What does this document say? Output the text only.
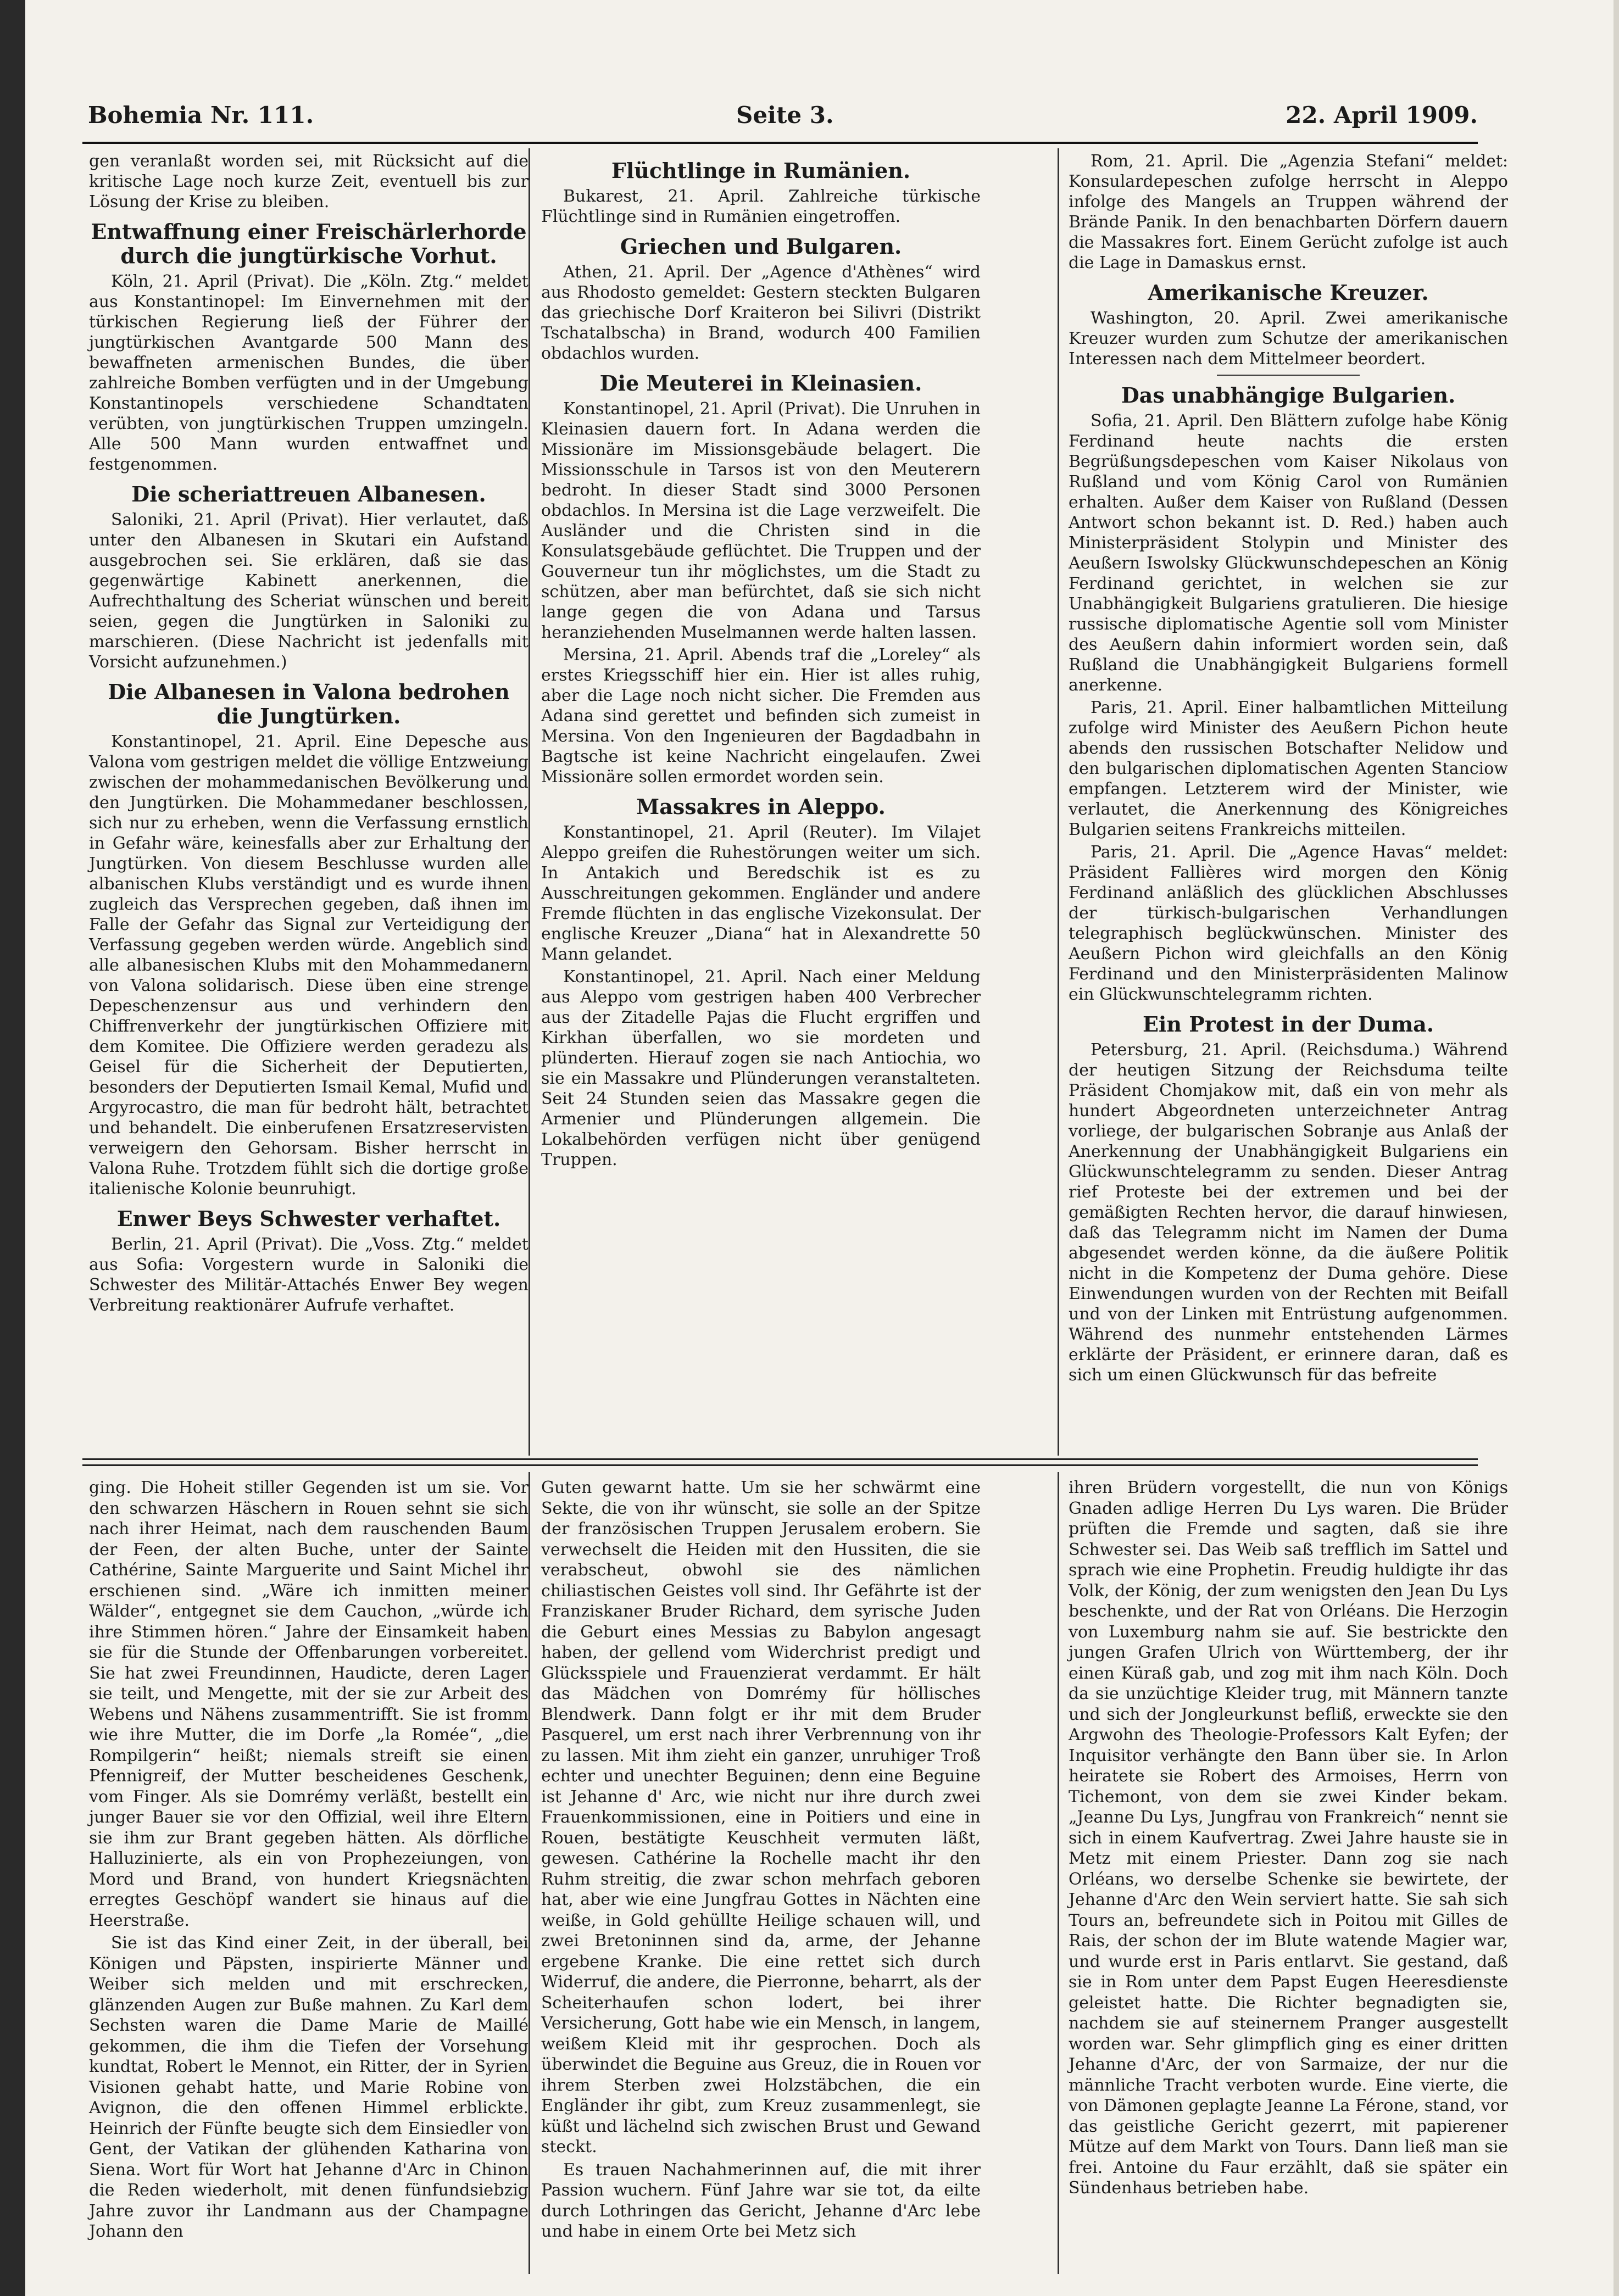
Bohemia Nr. 111.	Seite 3.	22. April 1909.

gen veranlaßt worden sei, mit Rücksicht auf die kritische Lage noch kurze Zeit, eventuell bis zur Lösung der Krise zu bleiben.

Entwaffnung einer Freischärlerhorde durch die jungtürkische Vorhut.

Köln, 21. April (Privat). Die „Köln. Ztg.“ meldet aus Konstantinopel: Im Einvernehmen mit der türkischen Regierung ließ der Führer der jungtürkischen Avantgarde 500 Mann des bewaffneten armenischen Bundes, die über zahlreiche Bomben verfügten und in der Umgebung Konstantinopels verschiedene Schandtaten verübten, von jungtürkischen Truppen umzingeln. Alle 500 Mann wurden entwaffnet und festgenommen.

Die scheriattreuen Albanesen.

Saloniki, 21. April (Privat). Hier verlautet, daß unter den Albanesen in Skutari ein Aufstand ausgebrochen sei. Sie erklären, daß sie das gegenwärtige Kabinett anerkennen, die Aufrechthaltung des Scheriat wünschen und bereit seien, gegen die Jungtürken in Saloniki zu marschieren. (Diese Nachricht ist jedenfalls mit Vorsicht aufzunehmen.)

Die Albanesen in Valona bedrohen die Jungtürken.

Konstantinopel, 21. April. Eine Depesche aus Valona vom gestrigen meldet die völlige Entzweiung zwischen der mohammedanischen Bevölkerung und den Jungtürken. Die Mohammedaner beschlossen, sich nur zu erheben, wenn die Verfassung ernstlich in Gefahr wäre, keinesfalls aber zur Erhaltung der Jungtürken. Von diesem Beschlusse wurden alle albanischen Klubs verständigt und es wurde ihnen zugleich das Versprechen gegeben, daß ihnen im Falle der Gefahr das Signal zur Verteidigung der Verfassung gegeben werden würde. Angeblich sind alle albanesischen Klubs mit den Mohammedanern von Valona solidarisch. Diese üben eine strenge Depeschenzensur aus und verhindern den Chiffrenverkehr der jungtürkischen Offiziere mit dem Komitee. Die Offiziere werden geradezu als Geisel für die Sicherheit der Deputierten, besonders der Deputierten Ismail Kemal, Mufid und Argyrocastro, die man für bedroht hält, betrachtet und behandelt. Die einberufenen Ersatzreservisten verweigern den Gehorsam. Bisher herrscht in Valona Ruhe. Trotzdem fühlt sich die dortige große italienische Kolonie beunruhigt.

Enwer Beys Schwester verhaftet.

Berlin, 21. April (Privat). Die „Voss. Ztg.“ meldet aus Sofia: Vorgestern wurde in Saloniki die Schwester des Militär-Attachés Enwer Bey wegen Verbreitung reaktionärer Aufrufe verhaftet.

Flüchtlinge in Rumänien.

Bukarest, 21. April. Zahlreiche türkische Flüchtlinge sind in Rumänien eingetroffen.

Griechen und Bulgaren.

Athen, 21. April. Der „Agence d'Athènes“ wird aus Rhodosto gemeldet: Gestern steckten Bulgaren das griechische Dorf Kraiteron bei Silivri (Distrikt Tschatalbscha) in Brand, wodurch 400 Familien obdachlos wurden.

Die Meuterei in Kleinasien.

Konstantinopel, 21. April (Privat). Die Unruhen in Kleinasien dauern fort. In Adana werden die Missionäre im Missionsgebäude belagert. Die Missionsschule in Tarsos ist von den Meuterern bedroht. In dieser Stadt sind 3000 Personen obdachlos. In Mersina ist die Lage verzweifelt. Die Ausländer und die Christen sind in die Konsulatsgebäude geflüchtet. Die Truppen und der Gouverneur tun ihr möglichstes, um die Stadt zu schützen, aber man befürchtet, daß sie sich nicht lange gegen die von Adana und Tarsus heranziehenden Muselmannen werde halten lassen.

Mersina, 21. April. Abends traf die „Loreley“ als erstes Kriegsschiff hier ein. Hier ist alles ruhig, aber die Lage noch nicht sicher. Die Fremden aus Adana sind gerettet und befinden sich zumeist in Mersina. Von den Ingenieuren der Bagdadbahn in Bagtsche ist keine Nachricht eingelaufen. Zwei Missionäre sollen ermordet worden sein.

Massakres in Aleppo.

Konstantinopel, 21. April (Reuter). Im Vilajet Aleppo greifen die Ruhestörungen weiter um sich. In Antakich und Beredschik ist es zu Ausschreitungen gekommen. Engländer und andere Fremde flüchten in das englische Vizekonsulat. Der englische Kreuzer „Diana“ hat in Alexandrette 50 Mann gelandet.

Konstantinopel, 21. April. Nach einer Meldung aus Aleppo vom gestrigen haben 400 Verbrecher aus der Zitadelle Pajas die Flucht ergriffen und Kirkhan überfallen, wo sie mordeten und plünderten. Hierauf zogen sie nach Antiochia, wo sie ein Massakre und Plünderungen veranstalteten. Seit 24 Stunden seien das Massakre gegen die Armenier und Plünderungen allgemein. Die Lokalbehörden verfügen nicht über genügend Truppen.

Rom, 21. April. Die „Agenzia Stefani“ meldet: Konsulardepeschen zufolge herrscht in Aleppo infolge des Mangels an Truppen während der Brände Panik. In den benachbarten Dörfern dauern die Massakres fort. Einem Gerücht zufolge ist auch die Lage in Damaskus ernst.

Amerikanische Kreuzer.

Washington, 20. April. Zwei amerikanische Kreuzer wurden zum Schutze der amerikanischen Interessen nach dem Mittelmeer beordert.

Das unabhängige Bulgarien.

Sofia, 21. April. Den Blättern zufolge habe König Ferdinand heute nachts die ersten Begrüßungsdepeschen vom Kaiser Nikolaus von Rußland und vom König Carol von Rumänien erhalten. Außer dem Kaiser von Rußland (Dessen Antwort schon bekannt ist. D. Red.) haben auch Ministerpräsident Stolypin und Minister des Aeußern Iswolsky Glückwunschdepeschen an König Ferdinand gerichtet, in welchen sie zur Unabhängigkeit Bulgariens gratulieren. Die hiesige russische diplomatische Agentie soll vom Minister des Aeußern dahin informiert worden sein, daß Rußland die Unabhängigkeit Bulgariens formell anerkenne.

Paris, 21. April. Einer halbamtlichen Mitteilung zufolge wird Minister des Aeußern Pichon heute abends den russischen Botschafter Nelidow und den bulgarischen diplomatischen Agenten Stanciow empfangen. Letzterem wird der Minister, wie verlautet, die Anerkennung des Königreiches Bulgarien seitens Frankreichs mitteilen.

Paris, 21. April. Die „Agence Havas“ meldet: Präsident Fallières wird morgen den König Ferdinand anläßlich des glücklichen Abschlusses der türkisch-bulgarischen Verhandlungen telegraphisch beglückwünschen. Minister des Aeußern Pichon wird gleichfalls an den König Ferdinand und den Ministerpräsidenten Malinow ein Glückwunschtelegramm richten.

Ein Protest in der Duma.

Petersburg, 21. April. (Reichsduma.) Während der heutigen Sitzung der Reichsduma teilte Präsident Chomjakow mit, daß ein von mehr als hundert Abgeordneten unterzeichneter Antrag vorliege, der bulgarischen Sobranje aus Anlaß der Anerkennung der Unabhängigkeit Bulgariens ein Glückwunschtelegramm zu senden. Dieser Antrag rief Proteste bei der extremen und bei der gemäßigten Rechten hervor, die darauf hinwiesen, daß das Telegramm nicht im Namen der Duma abgesendet werden könne, da die äußere Politik nicht in die Kompetenz der Duma gehöre. Diese Einwendungen wurden von der Rechten mit Beifall und von der Linken mit Entrüstung aufgenommen. Während des nunmehr entstehenden Lärmes erklärte der Präsident, er erinnere daran, daß es sich um einen Glückwunsch für das befreite

ging. Die Hoheit stiller Gegenden ist um sie. Vor den schwarzen Häschern in Rouen sehnt sie sich nach ihrer Heimat, nach dem rauschenden Baum der Feen, der alten Buche, unter der Sainte Cathérine, Sainte Marguerite und Saint Michel ihr erschienen sind. „Wäre ich inmitten meiner Wälder“, entgegnet sie dem Cauchon, „würde ich ihre Stimmen hören.“ Jahre der Einsamkeit haben sie für die Stunde der Offenbarungen vorbereitet. Sie hat zwei Freundinnen, Haudicte, deren Lager sie teilt, und Mengette, mit der sie zur Arbeit des Webens und Nähens zusammentrifft. Sie ist fromm wie ihre Mutter, die im Dorfe „la Romée“, „die Rompilgerin“ heißt; niemals streift sie einen Pfennigreif, der Mutter bescheidenes Geschenk, vom Finger. Als sie Domrémy verläßt, bestellt ein junger Bauer sie vor den Offizial, weil ihre Eltern sie ihm zur Brant gegeben hätten. Als dörfliche Halluzinierte, als ein von Prophezeiungen, von Mord und Brand, von hundert Kriegsnächten erregtes Geschöpf wandert sie hinaus auf die Heerstraße.

Sie ist das Kind einer Zeit, in der überall, bei Königen und Päpsten, inspirierte Männer und Weiber sich melden und mit erschrecken, glänzenden Augen zur Buße mahnen. Zu Karl dem Sechsten waren die Dame Marie de Maillé gekommen, die ihm die Tiefen der Vorsehung kundtat, Robert le Mennot, ein Ritter, der in Syrien Visionen gehabt hatte, und Marie Robine von Avignon, die den offenen Himmel erblickte. Heinrich der Fünfte beugte sich dem Einsiedler von Gent, der Vatikan der glühenden Katharina von Siena. Wort für Wort hat Jehanne d'Arc in Chinon die Reden wiederholt, mit denen fünfundsiebzig Jahre zuvor ihr Landmann aus der Champagne Johann den

Guten gewarnt hatte. Um sie her schwärmt eine Sekte, die von ihr wünscht, sie solle an der Spitze der französischen Truppen Jerusalem erobern. Sie verwechselt die Heiden mit den Hussiten, die sie verabscheut, obwohl sie des nämlichen chiliastischen Geistes voll sind. Ihr Gefährte ist der Franziskaner Bruder Richard, dem syrische Juden die Geburt eines Messias zu Babylon angesagt haben, der gellend vom Widerchrist predigt und Glücksspiele und Frauenzierat verdammt. Er hält das Mädchen von Domrémy für höllisches Blendwerk. Dann folgt er ihr mit dem Bruder Pasquerel, um erst nach ihrer Verbrennung von ihr zu lassen. Mit ihm zieht ein ganzer, unruhiger Troß echter und unechter Beguinen; denn eine Beguine ist Jehanne d' Arc, wie nicht nur ihre durch zwei Frauenkommissionen, eine in Poitiers und eine in Rouen, bestätigte Keuschheit vermuten läßt, gewesen. Cathérine la Rochelle macht ihr den Ruhm streitig, die zwar schon mehrfach geboren hat, aber wie eine Jungfrau Gottes in Nächten eine weiße, in Gold gehüllte Heilige schauen will, und zwei Bretoninnen sind da, arme, der Jehanne ergebene Kranke. Die eine rettet sich durch Widerruf, die andere, die Pierronne, beharrt, als der Scheiterhaufen schon lodert, bei ihrer Versicherung, Gott habe wie ein Mensch, in langem, weißem Kleid mit ihr gesprochen. Doch als überwindet die Beguine aus Greuz, die in Rouen vor ihrem Sterben zwei Holzstäbchen, die ein Engländer ihr gibt, zum Kreuz zusammenlegt, sie küßt und lächelnd sich zwischen Brust und Gewand steckt.

Es trauen Nachahmerinnen auf, die mit ihrer Passion wuchern. Fünf Jahre war sie tot, da eilte durch Lothringen das Gericht, Jehanne d'Arc lebe und habe in einem Orte bei Metz sich

ihren Brüdern vorgestellt, die nun von Königs Gnaden adlige Herren Du Lys waren. Die Brüder prüften die Fremde und sagten, daß sie ihre Schwester sei. Das Weib saß trefflich im Sattel und sprach wie eine Prophetin. Freudig huldigte ihr das Volk, der König, der zum wenigsten den Jean Du Lys beschenkte, und der Rat von Orléans. Die Herzogin von Luxemburg nahm sie auf. Sie bestrickte den jungen Grafen Ulrich von Württemberg, der ihr einen Küraß gab, und zog mit ihm nach Köln. Doch da sie unzüchtige Kleider trug, mit Männern tanzte und sich der Jongleurkunst befliß, erweckte sie den Argwohn des Theologie-Professors Kalt Eyfen; der Inquisitor verhängte den Bann über sie. In Arlon heiratete sie Robert des Armoises, Herrn von Tichemont, von dem sie zwei Kinder bekam. „Jeanne Du Lys, Jungfrau von Frankreich“ nennt sie sich in einem Kaufvertrag. Zwei Jahre hauste sie in Metz mit einem Priester. Dann zog sie nach Orléans, wo derselbe Schenke sie bewirtete, der Jehanne d'Arc den Wein serviert hatte. Sie sah sich Tours an, befreundete sich in Poitou mit Gilles de Rais, der schon der im Blute watende Magier war, und wurde erst in Paris entlarvt. Sie gestand, daß sie in Rom unter dem Papst Eugen Heeresdienste geleistet hatte. Die Richter begnadigten sie, nachdem sie auf steinernem Pranger ausgestellt worden war. Sehr glimpflich ging es einer dritten Jehanne d'Arc, der von Sarmaize, der nur die männliche Tracht verboten wurde. Eine vierte, die von Dämonen geplagte Jeanne La Férone, stand, vor das geistliche Gericht gezerrt, mit papierener Mütze auf dem Markt von Tours. Dann ließ man sie frei. Antoine du Faur erzählt, daß sie später ein Sündenhaus betrieben habe.
